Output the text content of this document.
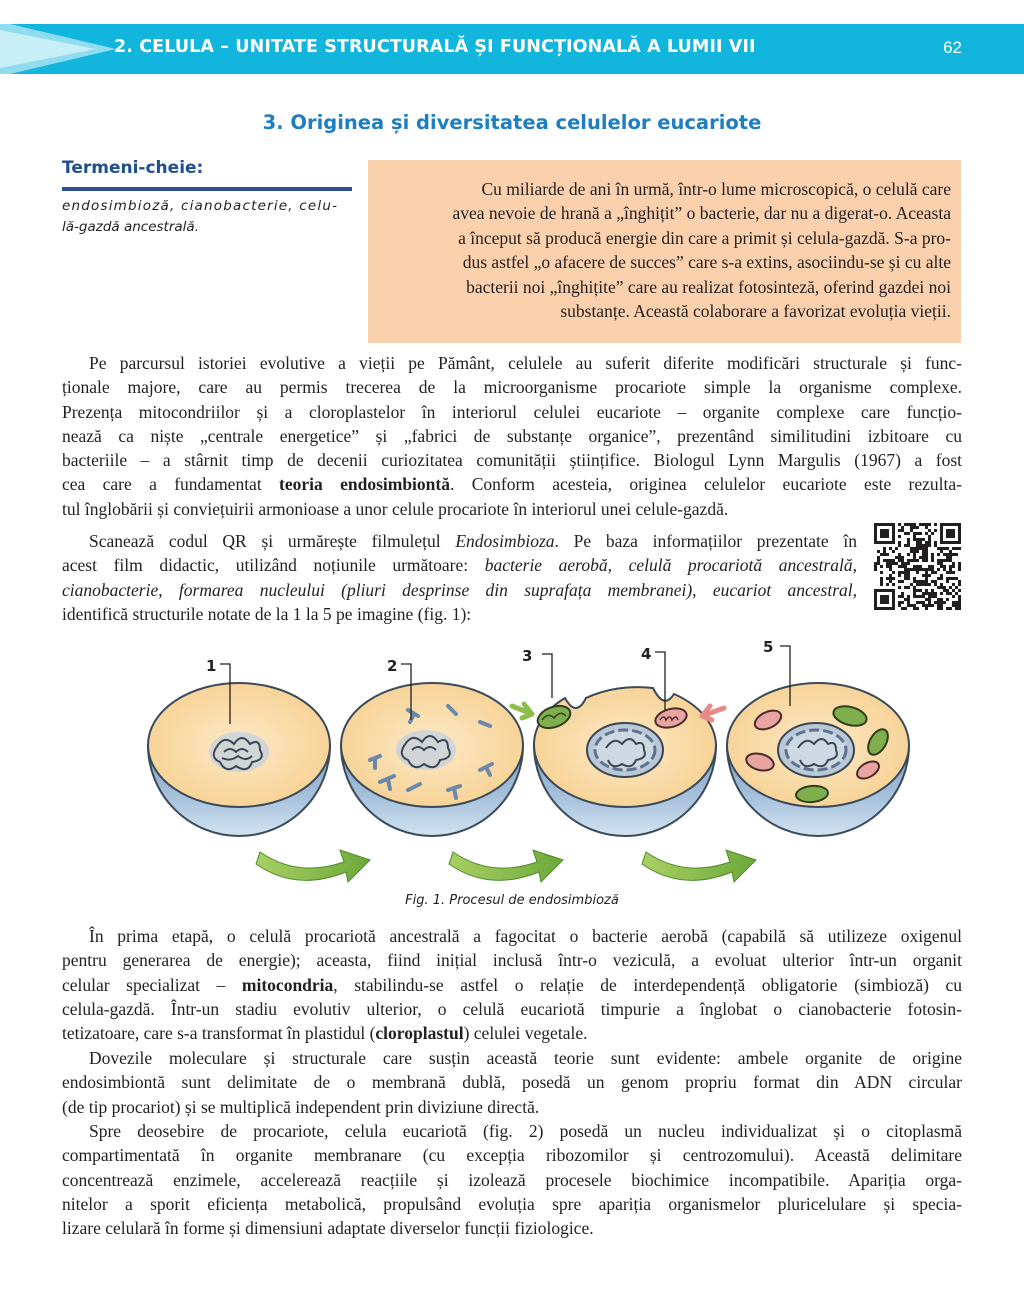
2. CELULA – UNITATE STRUCTURALĂ ȘI FUNCȚIONALĂ A LUMII VII	62
3. Originea și diversitatea celulelor eucariote
Termeni-cheie:
endosimbioză, cianobacterie, celu-
lă-gazdă ancestrală.
Cu miliarde de ani în urmă, într-o lume microscopică, o celulă care
avea nevoie de hrană a „înghițit” o bacterie, dar nu a digerat-o. Aceasta
a început să producă energie din care a primit și celula-gazdă. S-a pro-
dus astfel „o afacere de succes” care s-a extins, asociindu-se și cu alte
bacterii noi „înghițite” care au realizat fotosinteză, oferind gazdei noi
substanțe. Această colaborare a favorizat evoluția vieții.
Pe parcursul istoriei evolutive a vieții pe Pământ, celulele au suferit diferite modificări structurale și func-
ționale majore, care au permis trecerea de la microorganisme procariote simple la organisme complexe.
Prezența mitocondriilor și a cloroplastelor în interiorul celulei eucariote – organite complexe care funcțio-
nează ca niște „centrale energetice” și „fabrici de substanțe organice”, prezentând similitudini izbitoare cu
bacteriile – a stârnit timp de decenii curiozitatea comunității științifice. Biologul Lynn Margulis (1967) a fost
cea care a fundamentat teoria endosimbiontă. Conform acesteia, originea celulelor eucariote este rezulta-
tul înglobării și conviețuirii armonioase a unor celule procariote în interiorul unei celule-gazdă.
Scanează codul QR și urmărește filmulețul Endosimbioza. Pe baza informațiilor prezentate în
acest film didactic, utilizând noțiunile următoare: bacterie aerobă, celulă procariotă ancestrală,
cianobacterie, formarea nucleului (pliuri desprinse din suprafața membranei), eucariot ancestral,
identifică structurile notate de la 1 la 5 pe imagine (fig. 1):
1	2
3	4	5
Fig. 1. Procesul de endosimbioză
În prima etapă, o celulă procariotă ancestrală a fagocitat o bacterie aerobă (capabilă să utilizeze oxigenul
pentru generarea de energie); aceasta, fiind inițial inclusă într-o veziculă, a evoluat ulterior într-un organit
celular specializat – mitocondria, stabilindu-se astfel o relație de interdependență obligatorie (simbioză) cu
celula-gazdă. Într-un stadiu evolutiv ulterior, o celulă eucariotă timpurie a înglobat o cianobacterie fotosin-
tetizatoare, care s-a transformat în plastidul (cloroplastul) celulei vegetale.
Dovezile moleculare și structurale care susțin această teorie sunt evidente: ambele organite de origine
endosimbiontă sunt delimitate de o membrană dublă, posedă un genom propriu format din ADN circular
(de tip procariot) și se multiplică independent prin diviziune directă.
Spre deosebire de procariote, celula eucariotă (fig. 2) posedă un nucleu individualizat și o citoplasmă
compartimentată în organite membranare (cu excepția ribozomilor și centrozomului). Această delimitare
concentrează enzimele, accelerează reacțiile și izolează procesele biochimice incompatibile. Apariția orga-
nitelor a sporit eficiența metabolică, propulsând evoluția spre apariția organismelor pluricelulare și specia-
lizare celulară în forme și dimensiuni adaptate diverselor funcții fiziologice.
